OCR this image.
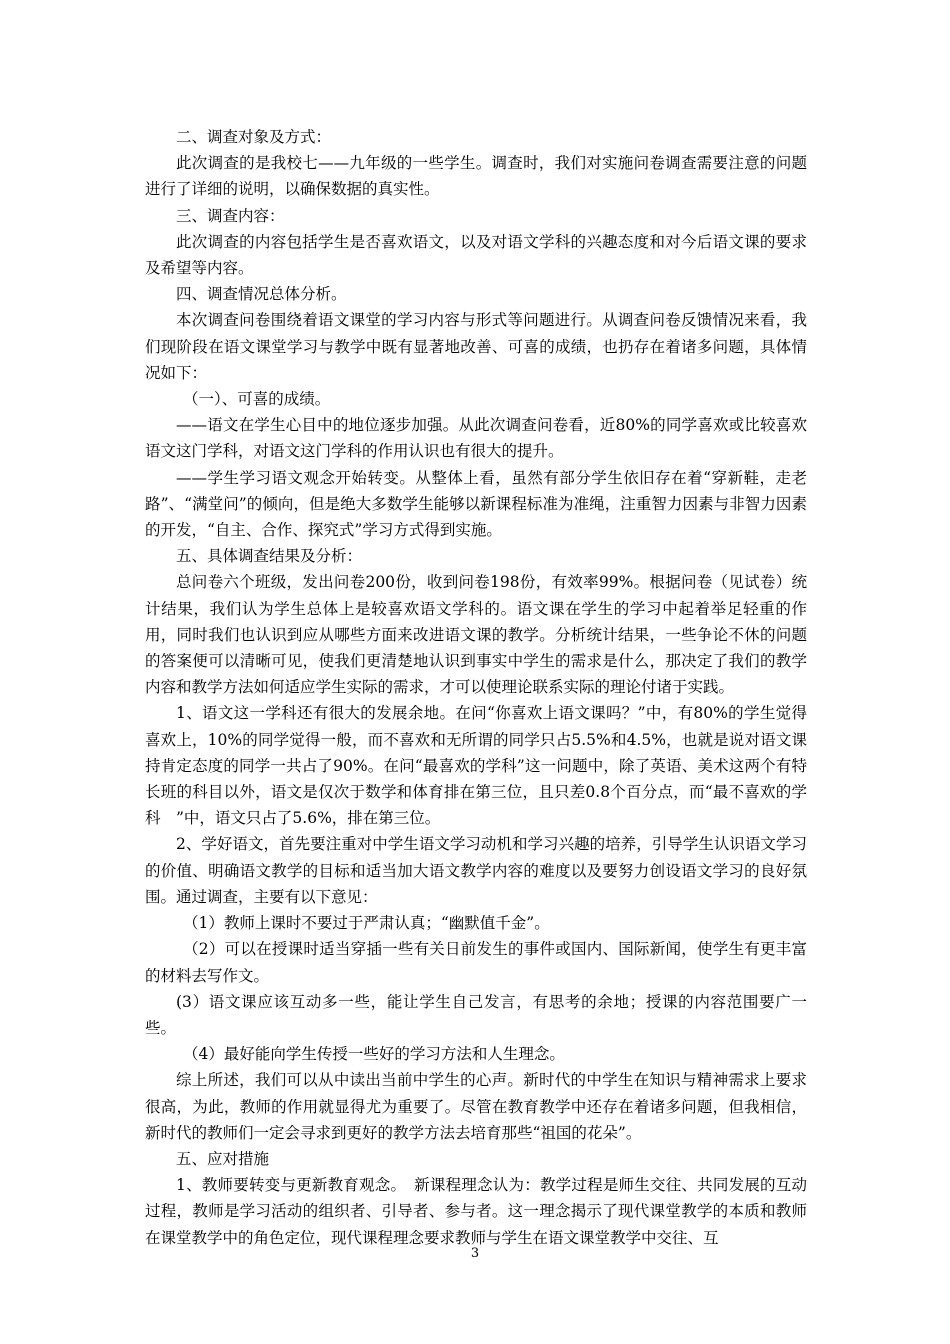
二、调查对象及方式：

此次调查的是我校七——九年级的一些学生。调查时，我们对实施问卷调查需要注意的问题进行了详细的说明，以确保数据的真实性。

三、调查内容：

此次调查的内容包括学生是否喜欢语文，以及对语文学科的兴趣态度和对今后语文课的要求及希望等内容。

四、调查情况总体分析。

本次调查问卷围绕着语文课堂的学习内容与形式等问题进行。从调查问卷反馈情况来看，我们现阶段在语文课堂学习与教学中既有显著地改善、可喜的成绩，也扔存在着诸多问题，具体情况如下：

（一）、可喜的成绩。

——语文在学生心目中的地位逐步加强。从此次调查问卷看，近80%的同学喜欢或比较喜欢语文这门学科，对语文这门学科的作用认识也有很大的提升。

——学生学习语文观念开始转变。从整体上看，虽然有部分学生依旧存在着“穿新鞋，走老路”、“满堂问”的倾向，但是绝大多数学生能够以新课程标准为准绳，注重智力因素与非智力因素的开发，“自主、合作、探究式”学习方式得到实施。

五、具体调查结果及分析：

总问卷六个班级，发出问卷200份，收到问卷198份，有效率99%。根据问卷（见试卷）统计结果，我们认为学生总体上是较喜欢语文学科的。语文课在学生的学习中起着举足轻重的作用，同时我们也认识到应从哪些方面来改进语文课的教学。分析统计结果，一些争论不休的问题的答案便可以清晰可见，使我们更清楚地认识到事实中学生的需求是什么，那决定了我们的教学内容和教学方法如何适应学生实际的需求，才可以使理论联系实际的理论付诸于实践。

1、语文这一学科还有很大的发展余地。在问“你喜欢上语文课吗？”中，有80%的学生觉得喜欢上，10%的同学觉得一般，而不喜欢和无所谓的同学只占5.5%和4.5%，也就是说对语文课持肯定态度的同学一共占了90%。在问“最喜欢的学科”这一问题中，除了英语、美术这两个有特长班的科目以外，语文是仅次于数学和体育排在第三位，且只差0.8个百分点，而“最不喜欢的学科　”中，语文只占了5.6%，排在第三位。

2、学好语文，首先要注重对中学生语文学习动机和学习兴趣的培养，引导学生认识语文学习的价值、明确语文教学的目标和适当加大语文教学内容的难度以及要努力创设语文学习的良好氛围。通过调查，主要有以下意见：

（1）教师上课时不要过于严肃认真；“幽默值千金”。

（2）可以在授课时适当穿插一些有关日前发生的事件或国内、国际新闻，使学生有更丰富的材料去写作文。

(3）语文课应该互动多一些，能让学生自己发言，有思考的余地；授课的内容范围要广一些。

（4）最好能向学生传授一些好的学习方法和人生理念。

综上所述，我们可以从中读出当前中学生的心声。新时代的中学生在知识与精神需求上要求很高，为此，教师的作用就显得尤为重要了。尽管在教育教学中还存在着诸多问题，但我相信，新时代的教师们一定会寻求到更好的教学方法去培育那些“祖国的花朵”。

五、应对措施

1、教师要转变与更新教育观念。　新课程理念认为：教学过程是师生交往、共同发展的互动过程，教师是学习活动的组织者、引导者、参与者。这一理念揭示了现代课堂教学的本质和教师在课堂教学中的角色定位，现代课程理念要求教师与学生在语文课堂教学中交往、互

3
